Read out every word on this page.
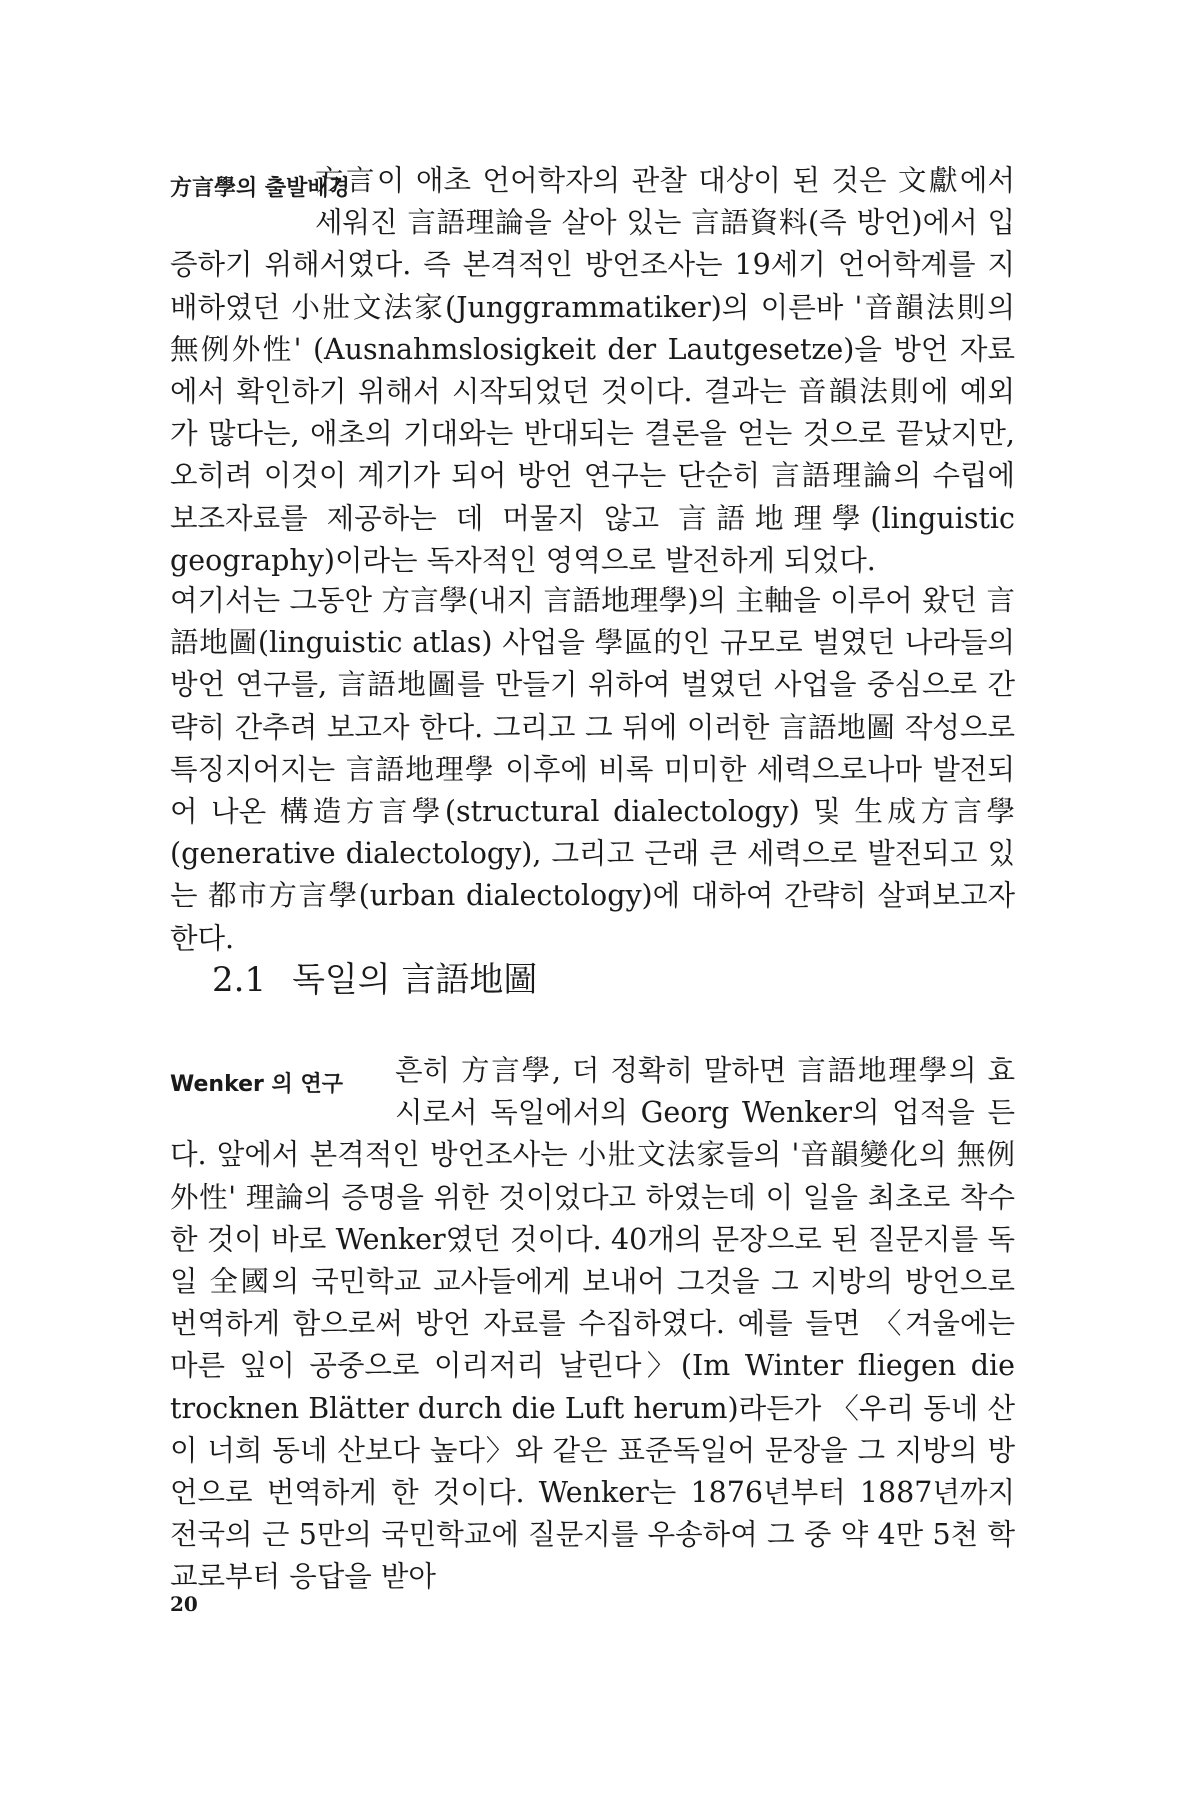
方言學의 출발배경

方言이 애초 언어학자의 관찰 대상이 된 것은 文獻에서 세워진 言語理論을 살아 있는 言語資料(즉 방언)에서 입증하기 위해서였다. 즉 본격적인 방언조사는 19세기 언어학계를 지배하였던 小壯文法家(Junggrammatiker)의 이른바 '音韻法則의 無例外性' (Ausnahmslosigkeit der Lautgesetze)을 방언 자료에서 확인하기 위해서 시작되었던 것이다. 결과는 音韻法則에 예외가 많다는, 애초의 기대와는 반대되는 결론을 얻는 것으로 끝났지만, 오히려 이것이 계기가 되어 방언 연구는 단순히 言語理論의 수립에 보조자료를 제공하는 데 머물지 않고 言語地理學(linguistic geography)이라는 독자적인 영역으로 발전하게 되었다.

여기서는 그동안 方言學(내지 言語地理學)의 主軸을 이루어 왔던 言語地圖(linguistic atlas) 사업을 學區的인 규모로 벌였던 나라들의 방언 연구를, 言語地圖를 만들기 위하여 벌였던 사업을 중심으로 간략히 간추려 보고자 한다. 그리고 그 뒤에 이러한 言語地圖 작성으로 특징지어지는 言語地理學 이후에 비록 미미한 세력으로나마 발전되어 나온 構造方言學(structural dialectology) 및 生成方言學(generative dialectology), 그리고 근래 큰 세력으로 발전되고 있는 都市方言學(urban dialectology)에 대하여 간략히 살펴보고자 한다.

2.1 독일의 言語地圖
Wenker 의 연구	흔히 方言學, 더 정확히 말하면 言語地理學의 효시로서 독일에서의 Georg Wenker의 업적을 든다. 앞에서 본격적인 방언조사는 小壯文法家들의 '音韻變化의 無例外性' 理論의 증명을 위한 것이었다고 하였는데 이 일을 최초로 착수한 것이 바로 Wenker였던 것이다. 40개의 문장으로 된 질문지를 독일 全國의 국민학교 교사들에게 보내어 그것을 그 지방의 방언으로 번역하게 함으로써 방언 자료를 수집하였다. 예를 들면 〈겨울에는 마른 잎이 공중으로 이리저리 날린다〉(Im Winter fliegen die trocknen Blätter durch die Luft herum)라든가 〈우리 동네 산이 너희 동네 산보다 높다〉와 같은 표준독일어 문장을 그 지방의 방언으로 번역하게 한 것이다. Wenker는 1876년부터 1887년까지 전국의 근 5만의 국민학교에 질문지를 우송하여 그 중 약 4만 5천 학교로부터 응답을 받아

20
